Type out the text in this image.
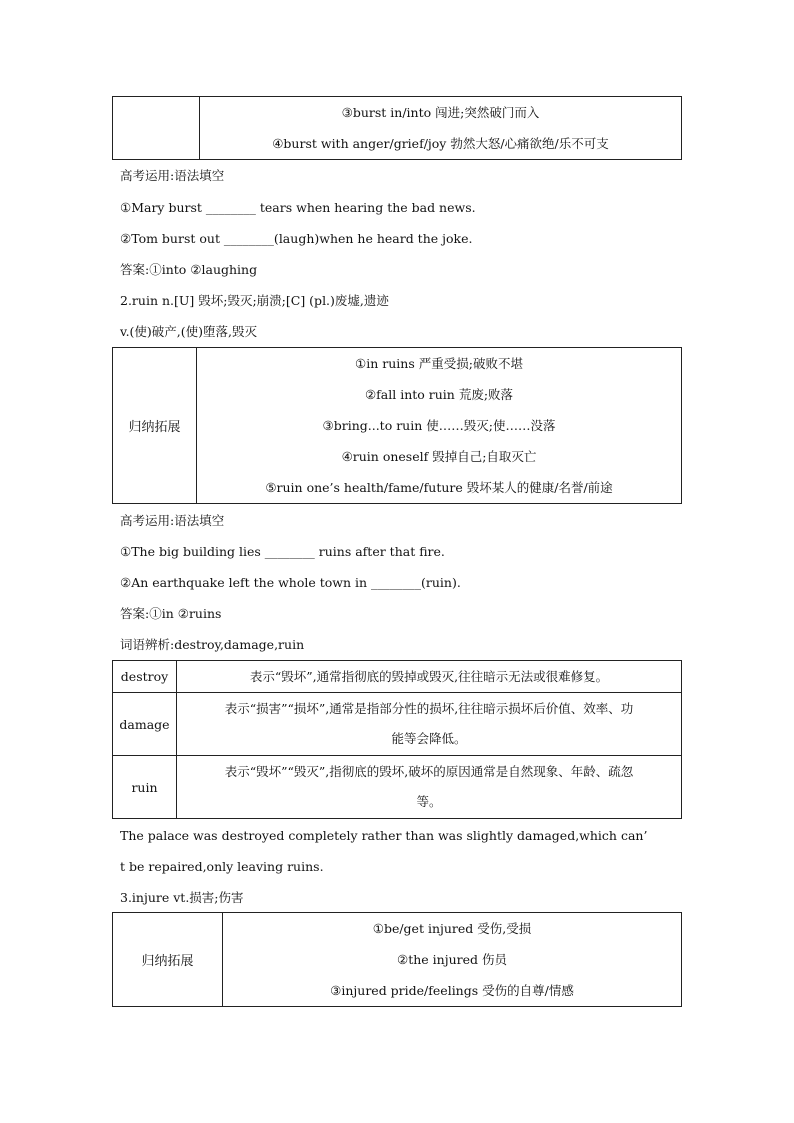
③burst in/into 闯进;突然破门而入
④burst with anger/grief/joy 勃然大怒/心痛欲绝/乐不可支
高考运用:语法填空
①Mary burst ________ tears when hearing the bad news.
②Tom burst out ________(laugh)when he heard the joke.
答案:①into ②laughing
2.ruin n.[U] 毁坏;毁灭;崩溃;[C] (pl.)废墟,遗迹
v.(使)破产,(使)堕落,毁灭
归纳拓展	
①in ruins 严重受损;破败不堪
②fall into ruin 荒废;败落
③bring...to ruin 使……毁灭;使……没落
④ruin oneself 毁掉自己;自取灭亡
⑤ruin one’s health/fame/future 毁坏某人的健康/名誉/前途
高考运用:语法填空
①The big building lies ________ ruins after that fire.
②An earthquake left the whole town in ________(ruin).
答案:①in ②ruins
词语辨析:destroy,damage,ruin
destroy	表示“毁坏”,通常指彻底的毁掉或毁灭,往往暗示无法或很难修复。
damage	表示“损害”“损坏”,通常是指部分性的损坏,往往暗示损坏后价值、效率、功
能等会降低。

ruin	表示“毁坏”“毁灭”,指彻底的毁坏,破坏的原因通常是自然现象、年龄、疏忽
等。
The palace was destroyed completely rather than was slightly damaged,which can’
t be repaired,only leaving ruins.
3.injure vt.损害;伤害
归纳拓展	
①be/get injured 受伤,受损
②the injured 伤员
③injured pride/feelings 受伤的自尊/情感
